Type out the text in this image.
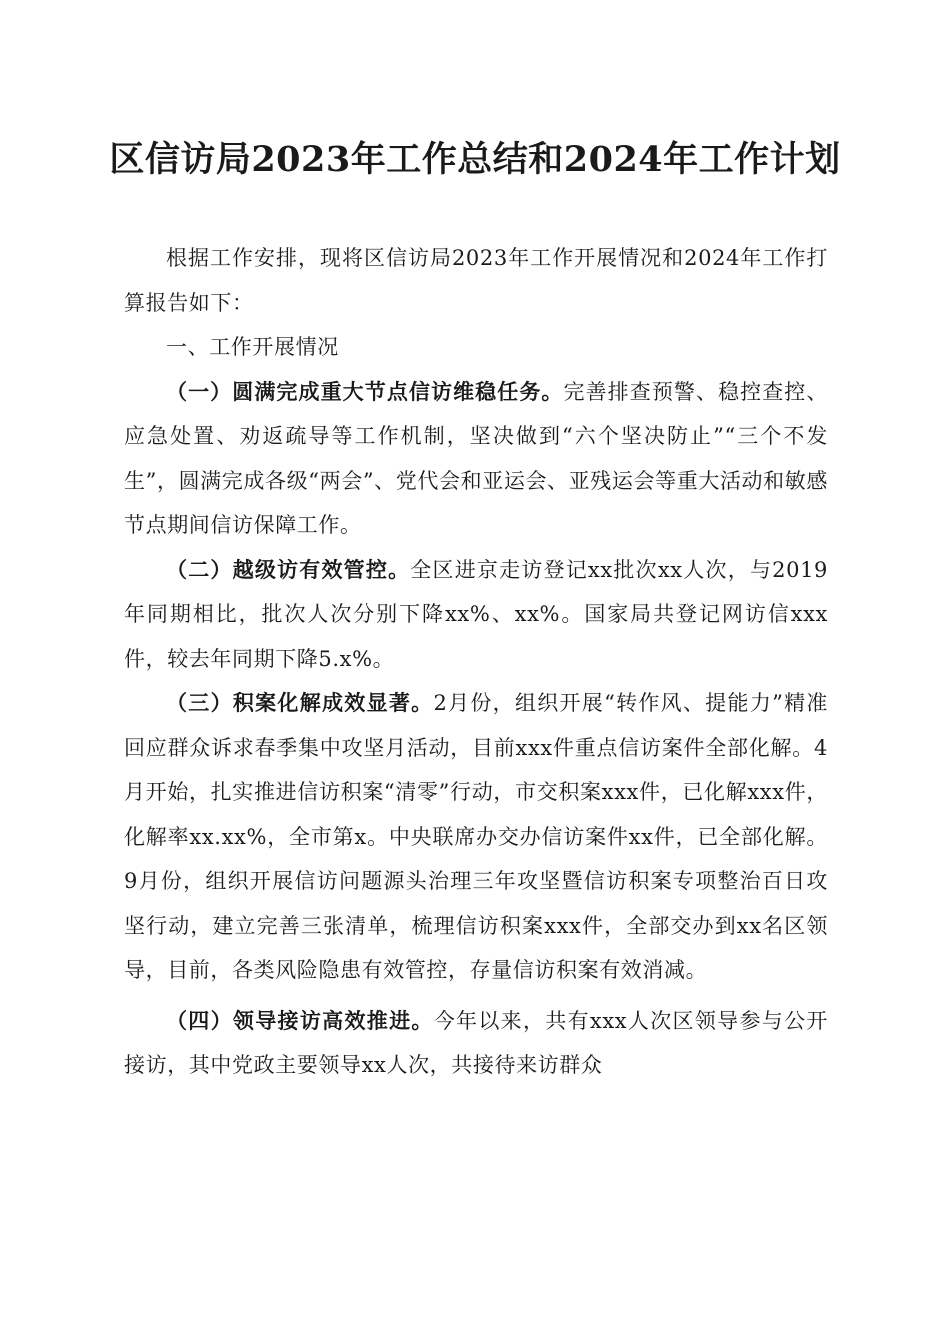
区信访局2023年工作总结和2024年工作计划

根据工作安排，现将区信访局2023年工作开展情况和2024年工作打算报告如下：

一、工作开展情况

（一）圆满完成重大节点信访维稳任务。完善排查预警、稳控查控、应急处置、劝返疏导等工作机制，坚决做到“六个坚决防止”“三个不发生”，圆满完成各级“两会”、党代会和亚运会、亚残运会等重大活动和敏感节点期间信访保障工作。

（二）越级访有效管控。全区进京走访登记xx批次xx人次，与2019年同期相比，批次人次分别下降xx%、xx%。国家局共登记网访信xxx件，较去年同期下降5.x%。

（三）积案化解成效显著。2月份，组织开展“转作风、提能力”精准回应群众诉求春季集中攻坚月活动，目前xxx件重点信访案件全部化解。4月开始，扎实推进信访积案“清零”行动，市交积案xxx件，已化解xxx件，化解率xx.xx%，全市第x。中央联席办交办信访案件xx件，已全部化解。9月份，组织开展信访问题源头治理三年攻坚暨信访积案专项整治百日攻坚行动，建立完善三张清单，梳理信访积案xxx件，全部交办到xx名区领导，目前，各类风险隐患有效管控，存量信访积案有效消减。

（四）领导接访高效推进。今年以来，共有xxx人次区领导参与公开接访，其中党政主要领导xx人次，共接待来访群众
